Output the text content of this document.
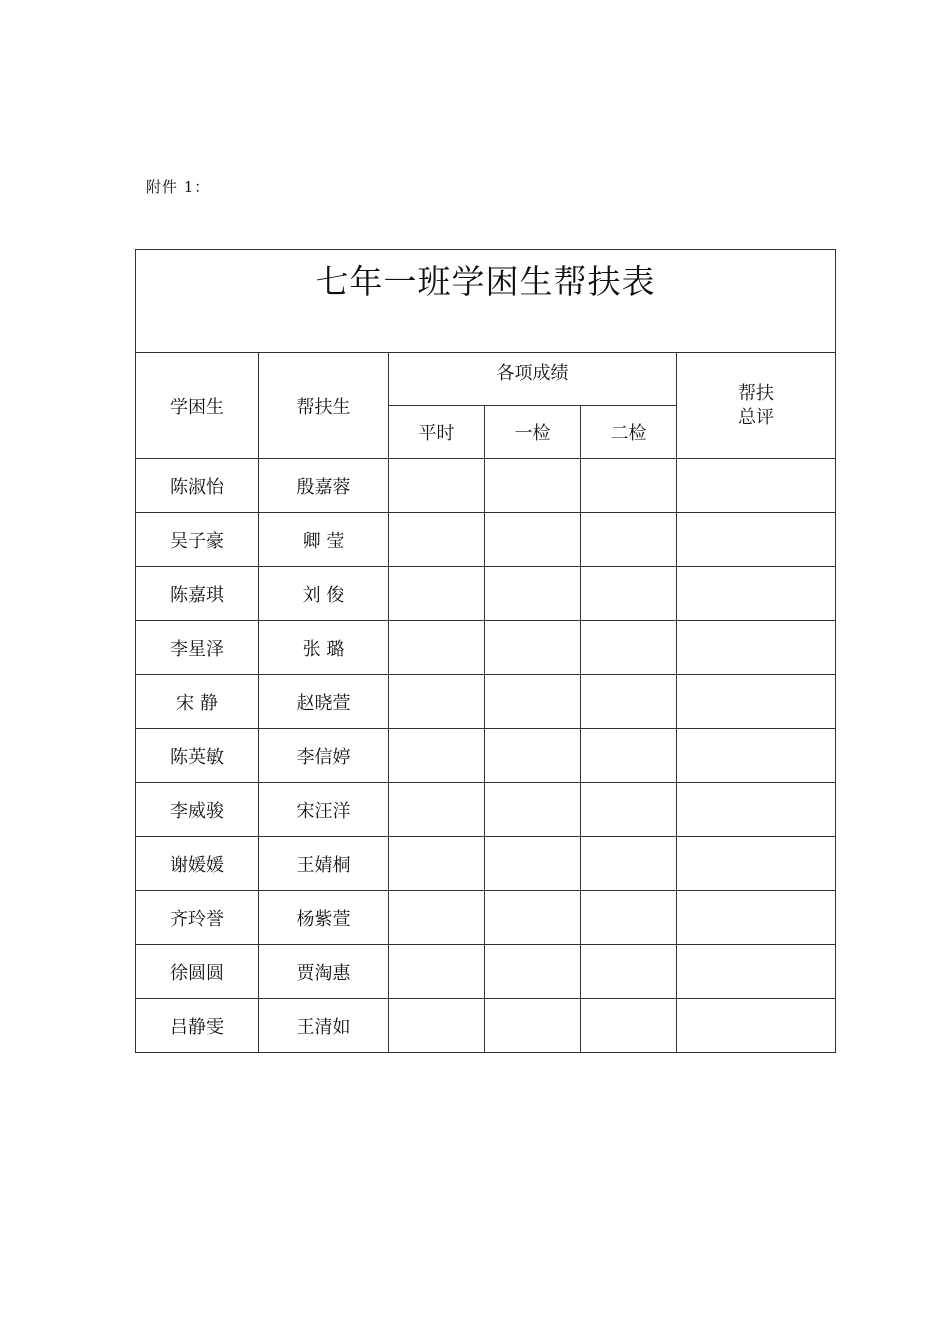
附件 1：
七年一班学困生帮扶表					

学困生	帮扶生	各项成绩			帮扶
总评

		平时	一检	二检	
陈淑怡	殷嘉蓉				
吴子豪	卿 莹				
陈嘉琪	刘 俊				
李星泽	张 璐				
宋 静	赵晓萱				
陈英敏	李信婷				
李威骏	宋汪洋				
谢媛媛	王婧桐				
齐玲誉	杨紫萱				
徐圆圆	贾淘惠				
吕静雯	王清如				
